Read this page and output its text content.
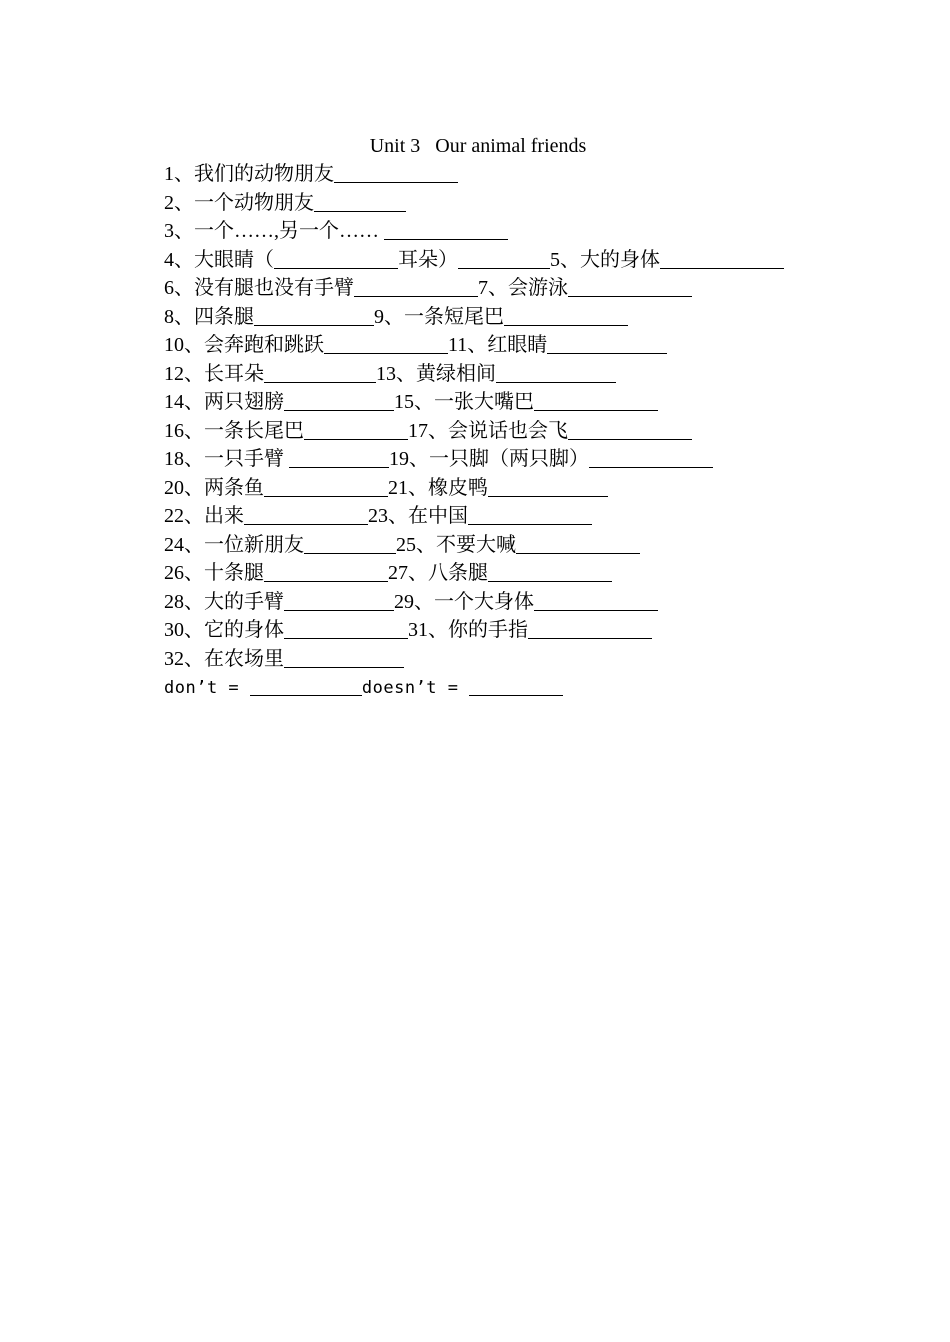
Unit 3   Our animal friends
1、我们的动物朋友
2、一个动物朋友
3、一个……,另一个……
4、大眼睛（	耳朵）	5、大的身体
6、没有腿也没有手臂	7、会游泳
8、四条腿	9、一条短尾巴
10、会奔跑和跳跃	11、红眼睛
12、长耳朵	13、黄绿相间
14、两只翅膀	15、一张大嘴巴
16、一条长尾巴	17、会说话也会飞
18、一只手臂	19、一只脚（两只脚）
20、两条鱼	21、橡皮鸭
22、出来	23、在中国
24、一位新朋友	25、不要大喊
26、十条腿	27、八条腿
28、大的手臂	29、一个大身体
30、它的身体	31、你的手指
32、在农场里
don’t =	doesn’t =
